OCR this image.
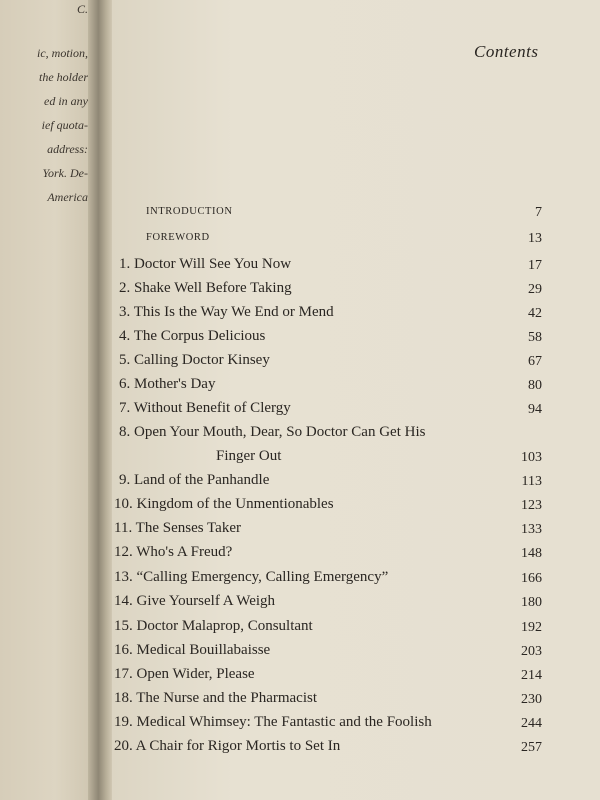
C.
ic, motion,
the holder
ed in any
ief quota-
address:
York. De-
America
Contents
INTRODUCTION	7
FOREWORD	13
1. Doctor Will See You Now	17
2. Shake Well Before Taking	29
3. This Is the Way We End or Mend	42
4. The Corpus Delicious	58
5. Calling Doctor Kinsey	67
6. Mother's Day	80
7. Without Benefit of Clergy	94
8. Open Your Mouth, Dear, So Doctor Can Get His
Finger Out	103
9. Land of the Panhandle	113
10. Kingdom of the Unmentionables	123
11. The Senses Taker	133
12. Who's A Freud?	148
13. “Calling Emergency, Calling Emergency”	166
14. Give Yourself A Weigh	180
15. Doctor Malaprop, Consultant	192
16. Medical Bouillabaisse	203
17. Open Wider, Please	214
18. The Nurse and the Pharmacist	230
19. Medical Whimsey: The Fantastic and the Foolish	244
20. A Chair for Rigor Mortis to Set In	257
